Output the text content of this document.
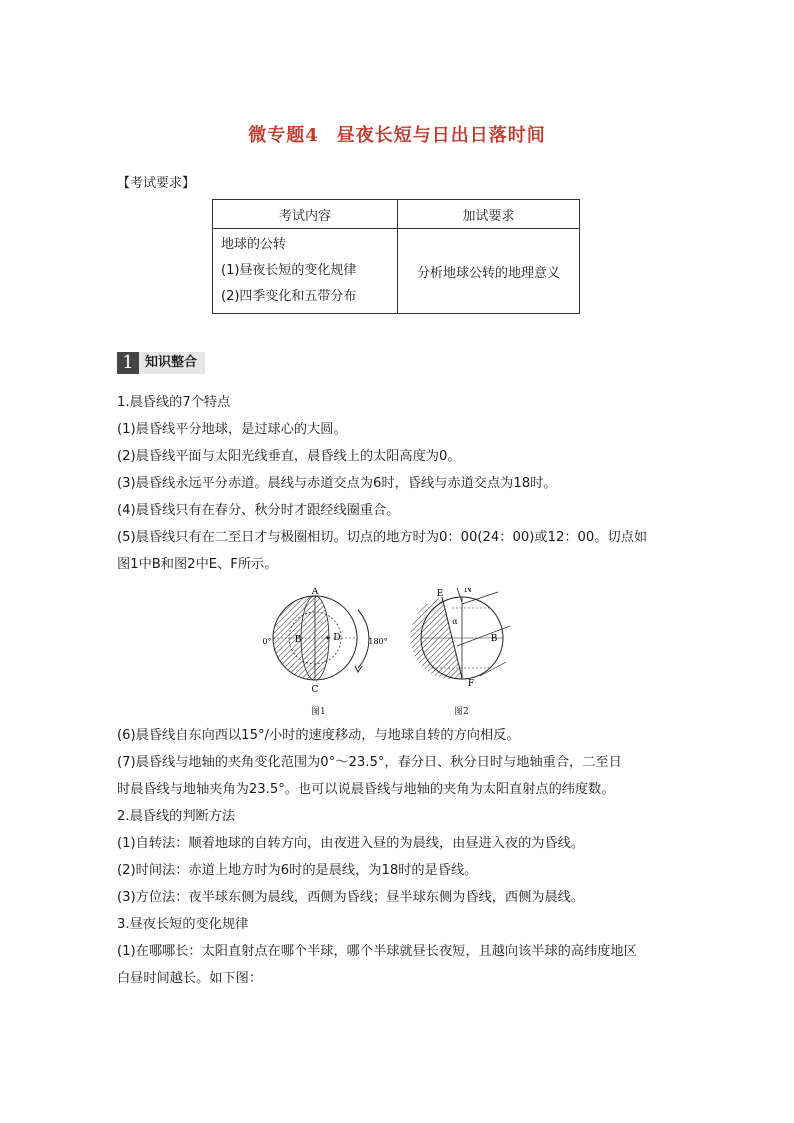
微专题4 昼夜长短与日出日落时间
【考试要求】
考试内容	加试要求

地球的公转
(1)昼夜长短的变化规律
(2)四季变化和五带分布	分析地球公转的地理意义
1 知识整合
1.晨昏线的7个特点
(1)晨昏线平分地球，是过球心的大圆。
(2)晨昏线平面与太阳光线垂直，晨昏线上的太阳高度为0。
(3)晨昏线永远平分赤道。晨线与赤道交点为6时，昏线与赤道交点为18时。
(4)晨昏线只有在春分、秋分时才跟经线圈重合。
(5)晨昏线只有在二至日才与极圈相切。切点的地方时为0：00(24：00)或12：00。切点如
图1中B和图2中E、F所示。
A
C
B	D
0°	180°
E N
F
B
α
图1	图2
(6)晨昏线自东向西以15°/小时的速度移动，与地球自转的方向相反。
(7)晨昏线与地轴的夹角变化范围为0°～23.5°，春分日、秋分日时与地轴重合，二至日
时晨昏线与地轴夹角为23.5°。也可以说晨昏线与地轴的夹角为太阳直射点的纬度数。
2.晨昏线的判断方法
(1)自转法：顺着地球的自转方向，由夜进入昼的为晨线，由昼进入夜的为昏线。
(2)时间法：赤道上地方时为6时的是晨线，为18时的是昏线。
(3)方位法：夜半球东侧为晨线，西侧为昏线；昼半球东侧为昏线，西侧为晨线。
3.昼夜长短的变化规律
(1)在哪哪长：太阳直射点在哪个半球，哪个半球就昼长夜短，且越向该半球的高纬度地区
白昼时间越长。如下图：
